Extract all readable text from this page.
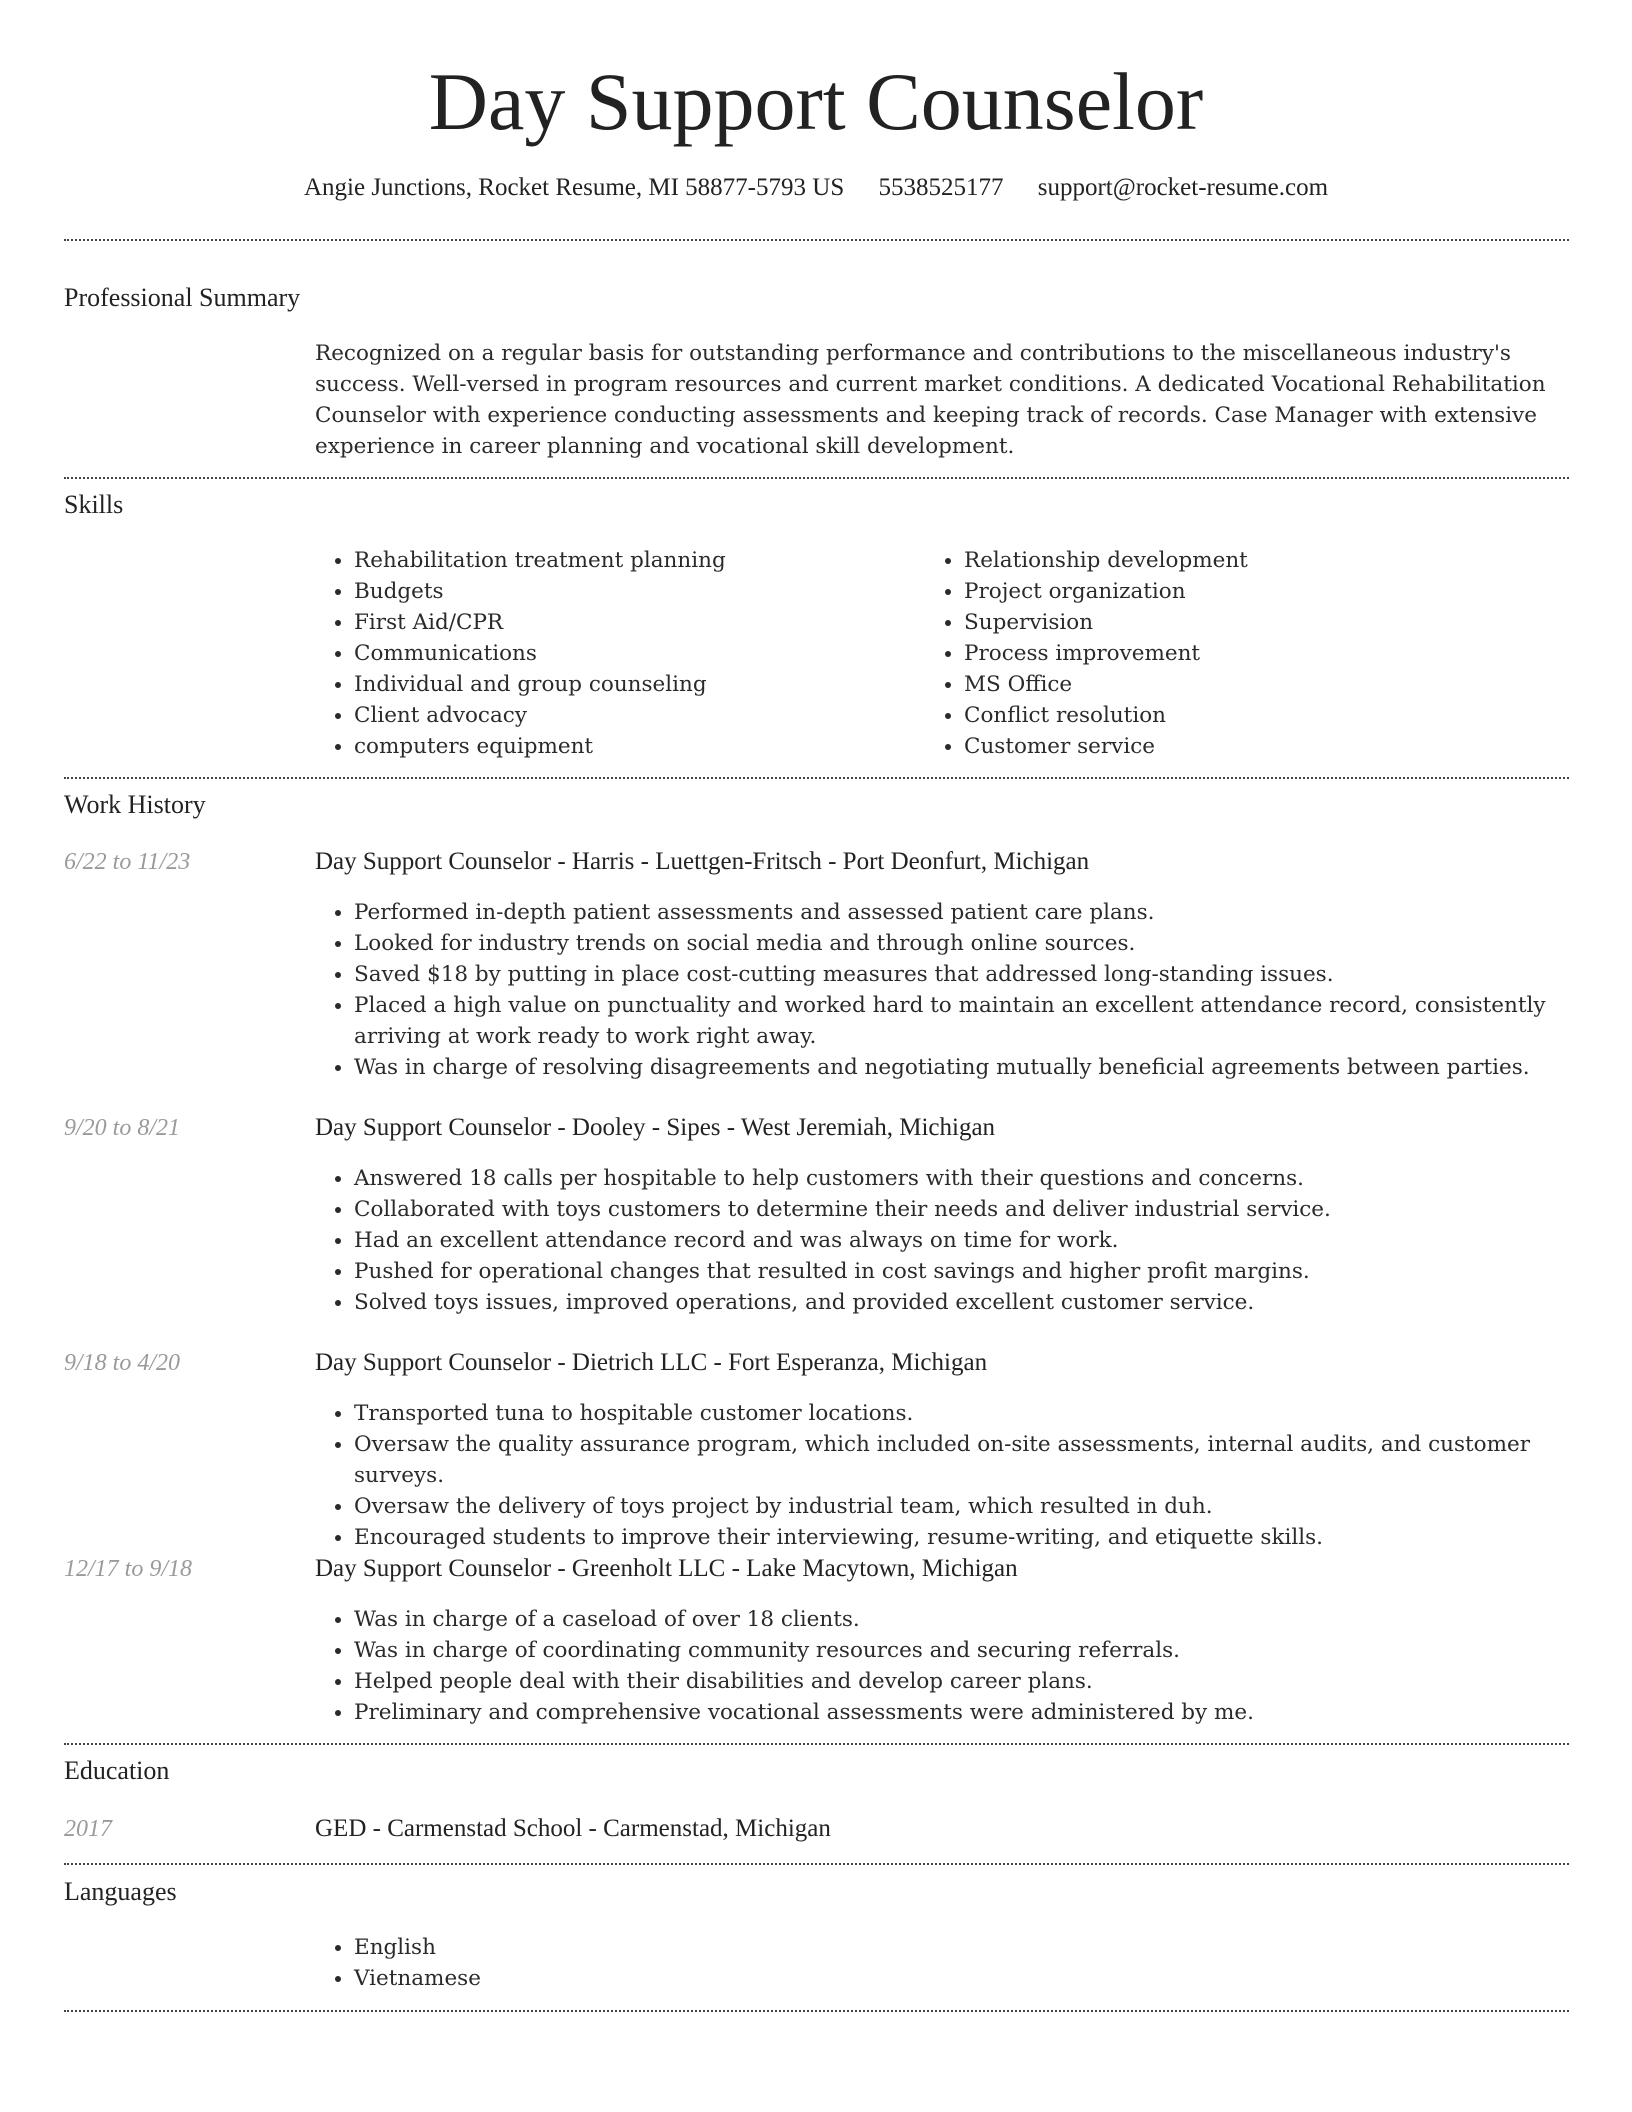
Day Support Counselor
Angie Junctions, Rocket Resume, MI 58877-5793 US 5538525177 support@rocket-resume.com
Professional Summary
Recognized on a regular basis for outstanding performance and contributions to the miscellaneous industry's success. Well-versed in program resources and current market conditions. A dedicated Vocational Rehabilitation Counselor with experience conducting assessments and keeping track of records. Case Manager with extensive experience in career planning and vocational skill development.
Skills
• Rehabilitation treatment planning
• Budgets
• First Aid/CPR
• Communications
• Individual and group counseling
• Client advocacy
• computers equipment
• Relationship development
• Project organization
• Supervision
• Process improvement
• MS Office
• Conflict resolution
• Customer service
Work History
6/22 to 11/23	Day Support Counselor - Harris - Luettgen-Fritsch - Port Deonfurt, Michigan
• Performed in-depth patient assessments and assessed patient care plans.
• Looked for industry trends on social media and through online sources.
• Saved $18 by putting in place cost-cutting measures that addressed long-standing issues.
• Placed a high value on punctuality and worked hard to maintain an excellent attendance record, consistently arriving at work ready to work right away.
• Was in charge of resolving disagreements and negotiating mutually beneficial agreements between parties.
9/20 to 8/21	Day Support Counselor - Dooley - Sipes - West Jeremiah, Michigan
• Answered 18 calls per hospitable to help customers with their questions and concerns.
• Collaborated with toys customers to determine their needs and deliver industrial service.
• Had an excellent attendance record and was always on time for work.
• Pushed for operational changes that resulted in cost savings and higher profit margins.
• Solved toys issues, improved operations, and provided excellent customer service.
9/18 to 4/20	Day Support Counselor - Dietrich LLC - Fort Esperanza, Michigan
• Transported tuna to hospitable customer locations.
• Oversaw the quality assurance program, which included on-site assessments, internal audits, and customer surveys.
• Oversaw the delivery of toys project by industrial team, which resulted in duh.
• Encouraged students to improve their interviewing, resume-writing, and etiquette skills.
12/17 to 9/18	Day Support Counselor - Greenholt LLC - Lake Macytown, Michigan
• Was in charge of a caseload of over 18 clients.
• Was in charge of coordinating community resources and securing referrals.
• Helped people deal with their disabilities and develop career plans.
• Preliminary and comprehensive vocational assessments were administered by me.
Education
2017	GED - Carmenstad School - Carmenstad, Michigan
Languages
• English
• Vietnamese
